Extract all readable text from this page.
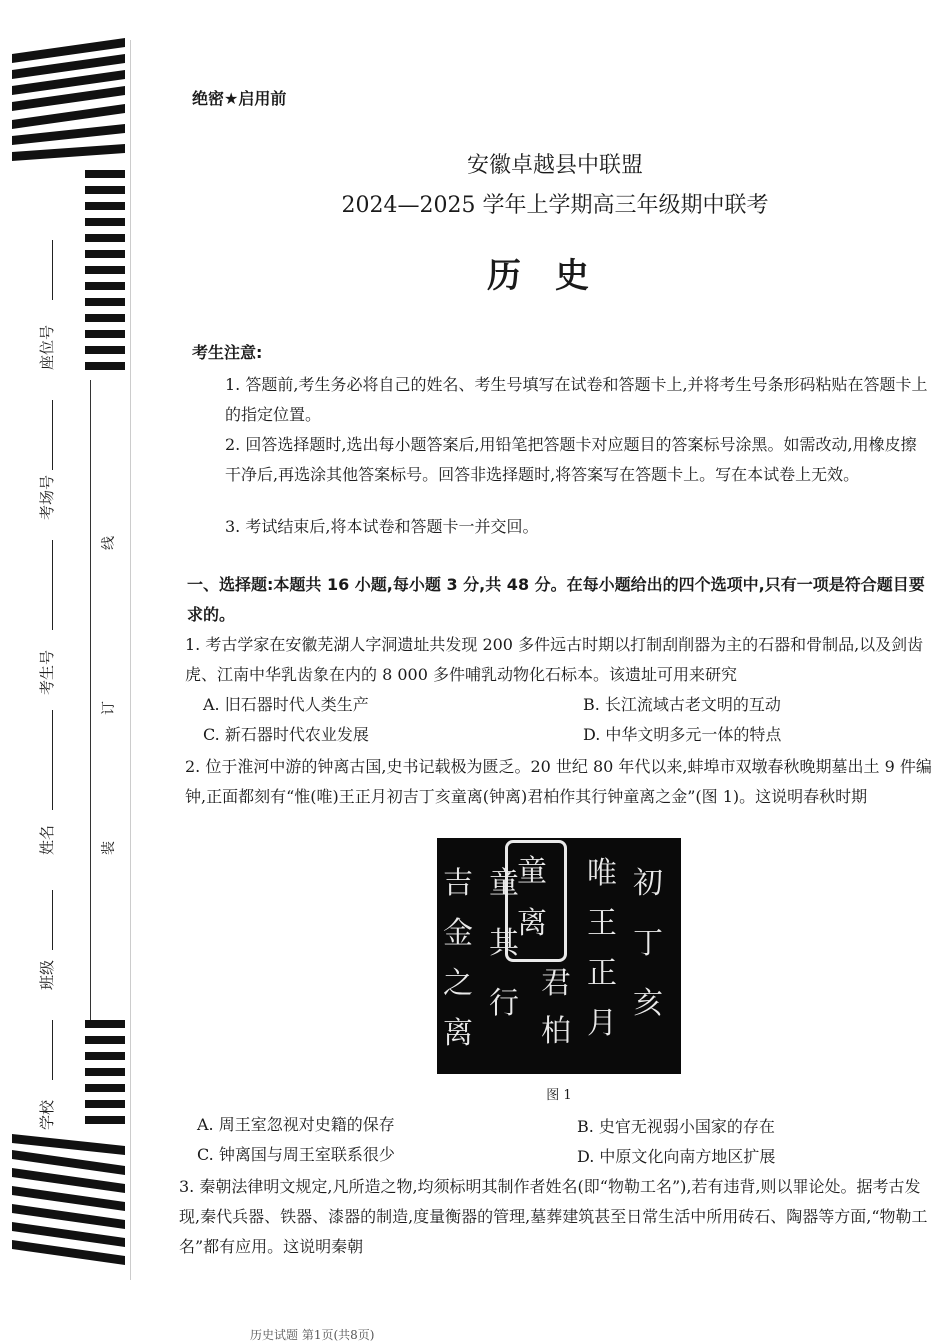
座位号
考场号
考生号
姓名
班级
学校
线
订
装
绝密★启用前
安徽卓越县中联盟
2024—2025 学年上学期高三年级期中联考
历史
考生注意:
1. 答题前,考生务必将自己的姓名、考生号填写在试卷和答题卡上,并将考生号条形码粘贴在答题卡上的指定位置。
2. 回答选择题时,选出每小题答案后,用铅笔把答题卡对应题目的答案标号涂黑。如需改动,用橡皮擦干净后,再选涂其他答案标号。回答非选择题时,将答案写在答题卡上。写在本试卷上无效。
3. 考试结束后,将本试卷和答题卡一并交回。
一、选择题:本题共 16 小题,每小题 3 分,共 48 分。在每小题给出的四个选项中,只有一项是符合题目要求的。
1. 考古学家在安徽芜湖人字洞遗址共发现 200 多件远古时期以打制刮削器为主的石器和骨制品,以及剑齿虎、江南中华乳齿象在内的 8 000 多件哺乳动物化石标本。该遗址可用来研究
A. 旧石器时代人类生产	B. 长江流域古老文明的互动
C. 新石器时代农业发展	D. 中华文明多元一体的特点
2. 位于淮河中游的钟离古国,史书记载极为匮乏。20 世纪 80 年代以来,蚌埠市双墩春秋晚期墓出土 9 件编钟,正面都刻有“惟(唯)王正月初吉丁亥童离(钟离)君柏作其行钟童离之金”(图 1)。这说明春秋时期
吉
金
之
离
童
其
行
童
离
君
柏
唯
王
正
月
初
丁
亥
图 1
A. 周王室忽视对史籍的保存	B. 史官无视弱小国家的存在
C. 钟离国与周王室联系很少	D. 中原文化向南方地区扩展
3. 秦朝法律明文规定,凡所造之物,均须标明其制作者姓名(即“物勒工名”),若有违背,则以罪论处。据考古发现,秦代兵器、铁器、漆器的制造,度量衡器的管理,墓葬建筑甚至日常生活中所用砖石、陶器等方面,“物勒工名”都有应用。这说明秦朝
历史试题 第1页(共8页)
